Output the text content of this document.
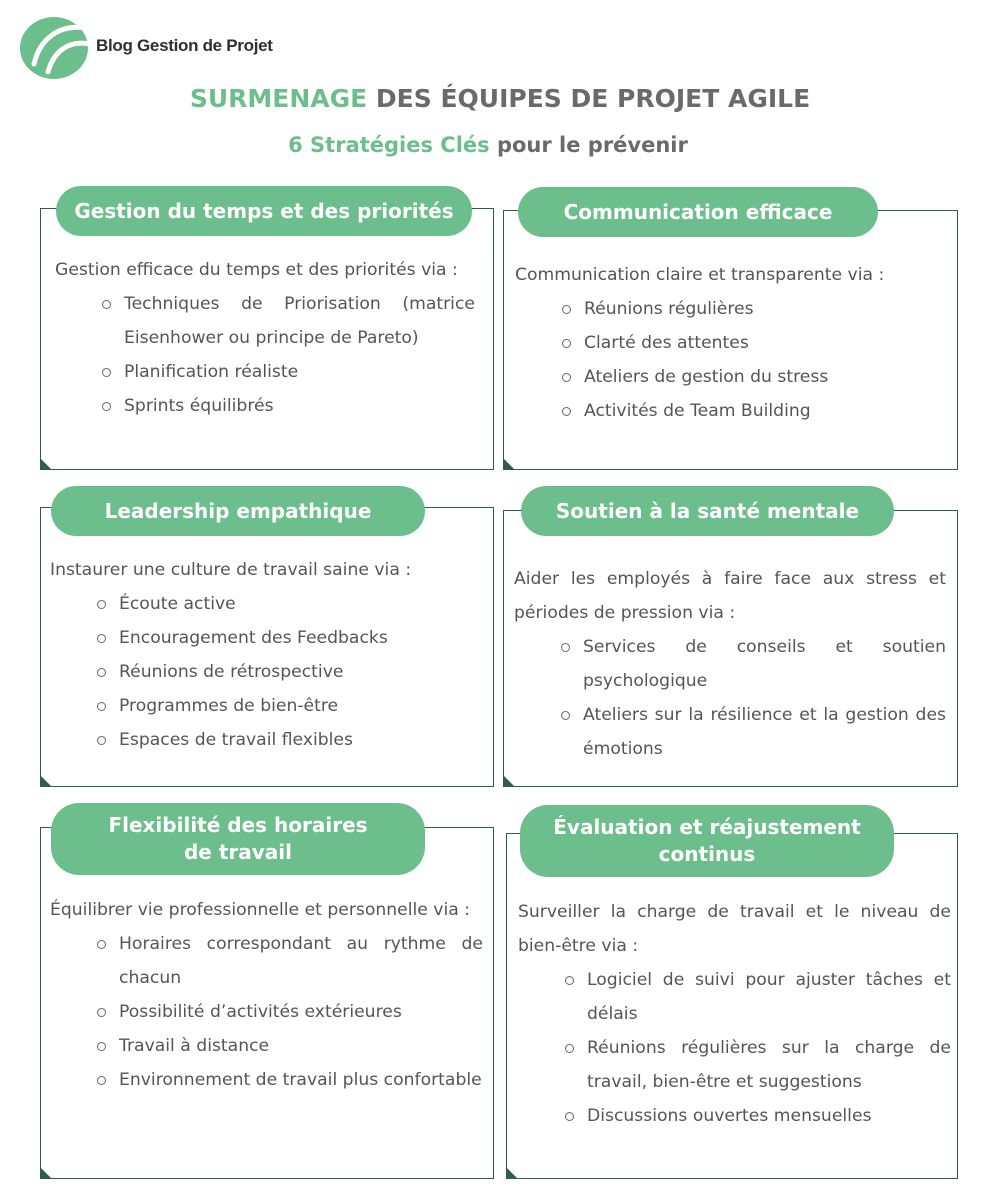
Blog Gestion de Projet
SURMENAGE DES ÉQUIPES DE PROJET AGILE
6 Stratégies Clés pour le prévenir
Gestion du temps et des priorités
Gestion efficace du temps et des priorités via :
Techniques de Priorisation (matrice Eisenhower ou principe de Pareto)
Planification réaliste
Sprints équilibrés
Communication efficace
Communication claire et transparente via :
Réunions régulières
Clarté des attentes
Ateliers de gestion du stress
Activités de Team Building
Leadership empathique
Instaurer une culture de travail saine via :
Écoute active
Encouragement des Feedbacks
Réunions de rétrospective
Programmes de bien-être
Espaces de travail flexibles
Soutien à la santé mentale
Aider les employés à faire face aux stress et périodes de pression via :
Services de conseils et soutien psychologique
Ateliers sur la résilience et la gestion des émotions
Flexibilité des horaires
de travail
Équilibrer vie professionnelle et personnelle via :
Horaires correspondant au rythme de chacun
Possibilité d’activités extérieures
Travail à distance
Environnement de travail plus confortable
Évaluation et réajustement
continus
Surveiller la charge de travail et le niveau de bien-être via :
Logiciel de suivi pour ajuster tâches et délais
Réunions régulières sur la charge de travail, bien-être et suggestions
Discussions ouvertes mensuelles
